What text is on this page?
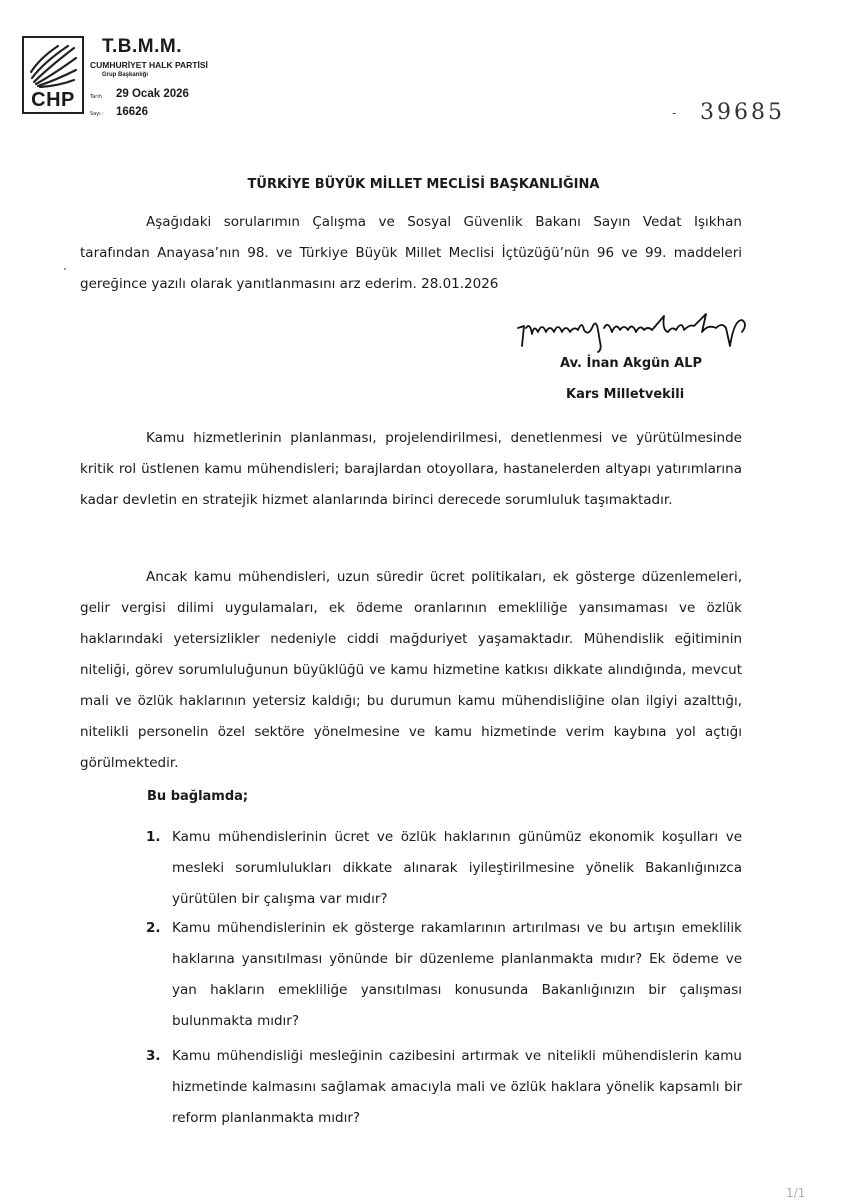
CHP
T.B.M.M.
CUMHURİYET HALK PARTİSİ
Grup Başkanlığı
Tarih 29 Ocak 2026
Sayı : 16626	- 39685
TÜRKİYE BÜYÜK MİLLET MECLİSİ BAŞKANLIĞINA
Aşağıdaki sorularımın Çalışma ve Sosyal Güvenlik Bakanı Sayın Vedat Işıkhan tarafından Anayasa’nın 98. ve Türkiye Büyük Millet Meclisi İçtüzüğü’nün 96 ve 99. maddeleri gereğince yazılı olarak yanıtlanmasını arz ederim. 28.01.2026
Av. İnan Akgün ALP
Kars Milletvekili
Kamu hizmetlerinin planlanması, projelendirilmesi, denetlenmesi ve yürütülmesinde kritik rol üstlenen kamu mühendisleri; barajlardan otoyollara, hastanelerden altyapı yatırımlarına kadar devletin en stratejik hizmet alanlarında birinci derecede sorumluluk taşımaktadır.
Ancak kamu mühendisleri, uzun süredir ücret politikaları, ek gösterge düzenlemeleri, gelir vergisi dilimi uygulamaları, ek ödeme oranlarının emekliliğe yansımaması ve özlük haklarındaki yetersizlikler nedeniyle ciddi mağduriyet yaşamaktadır. Mühendislik eğitiminin niteliği, görev sorumluluğunun büyüklüğü ve kamu hizmetine katkısı dikkate alındığında, mevcut mali ve özlük haklarının yetersiz kaldığı; bu durumun kamu mühendisliğine olan ilgiyi azalttığı, nitelikli personelin özel sektöre yönelmesine ve kamu hizmetinde verim kaybına yol açtığı görülmektedir.
Bu bağlamda;
1. Kamu mühendislerinin ücret ve özlük haklarının günümüz ekonomik koşulları ve mesleki sorumlulukları dikkate alınarak iyileştirilmesine yönelik Bakanlığınızca yürütülen bir çalışma var mıdır?
2. Kamu mühendislerinin ek gösterge rakamlarının artırılması ve bu artışın emeklilik haklarına yansıtılması yönünde bir düzenleme planlanmakta mıdır? Ek ödeme ve yan hakların emekliliğe yansıtılması konusunda Bakanlığınızın bir çalışması bulunmakta mıdır?
3. Kamu mühendisliği mesleğinin cazibesini artırmak ve nitelikli mühendislerin kamu hizmetinde kalmasını sağlamak amacıyla mali ve özlük haklara yönelik kapsamlı bir reform planlanmakta mıdır?
1/1
